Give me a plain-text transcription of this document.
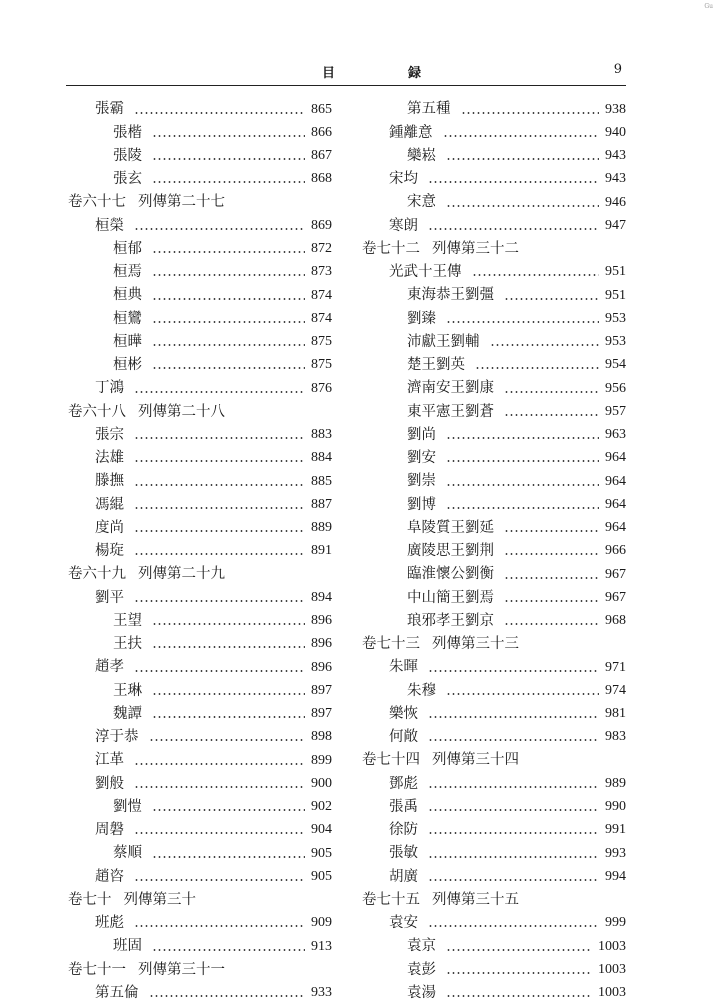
目　録	9
Gu
張霸	865
張楷	866
張陵	867
張玄	868
卷六十七 列傳第二十七
桓榮	869
桓郁	872
桓焉	873
桓典	874
桓鸞	874
桓曄	875
桓彬	875
丁鴻	876
卷六十八 列傳第二十八
張宗	883
法雄	884
滕撫	885
馮緄	887
度尚	889
楊琁	891
卷六十九 列傳第二十九
劉平	894
王望	896
王扶	896
趙孝	896
王琳	897
魏譚	897
淳于恭	898
江革	899
劉般	900
劉愷	902
周磐	904
蔡順	905
趙咨	905
卷七十 列傳第三十
班彪	909
班固	913
卷七十一 列傳第三十一
第五倫	933
第五種	938
鍾離意	940
欒崧	943
宋均	943
宋意	946
寒朗	947
卷七十二 列傳第三十二
光武十王傳	951
東海恭王劉彊	951
劉臻	953
沛獻王劉輔	953
楚王劉英	954
濟南安王劉康	956
東平憲王劉蒼	957
劉尚	963
劉安	964
劉崇	964
劉博	964
阜陵質王劉延	964
廣陵思王劉荆	966
臨淮懷公劉衡	967
中山簡王劉焉	967
琅邪孝王劉京	968
卷七十三 列傳第三十三
朱暉	971
朱穆	974
樂恢	981
何敞	983
卷七十四 列傳第三十四
鄧彪	989
張禹	990
徐防	991
張敏	993
胡廣	994
卷七十五 列傳第三十五
袁安	999
袁京	1003
袁彭	1003
袁湯	1003
